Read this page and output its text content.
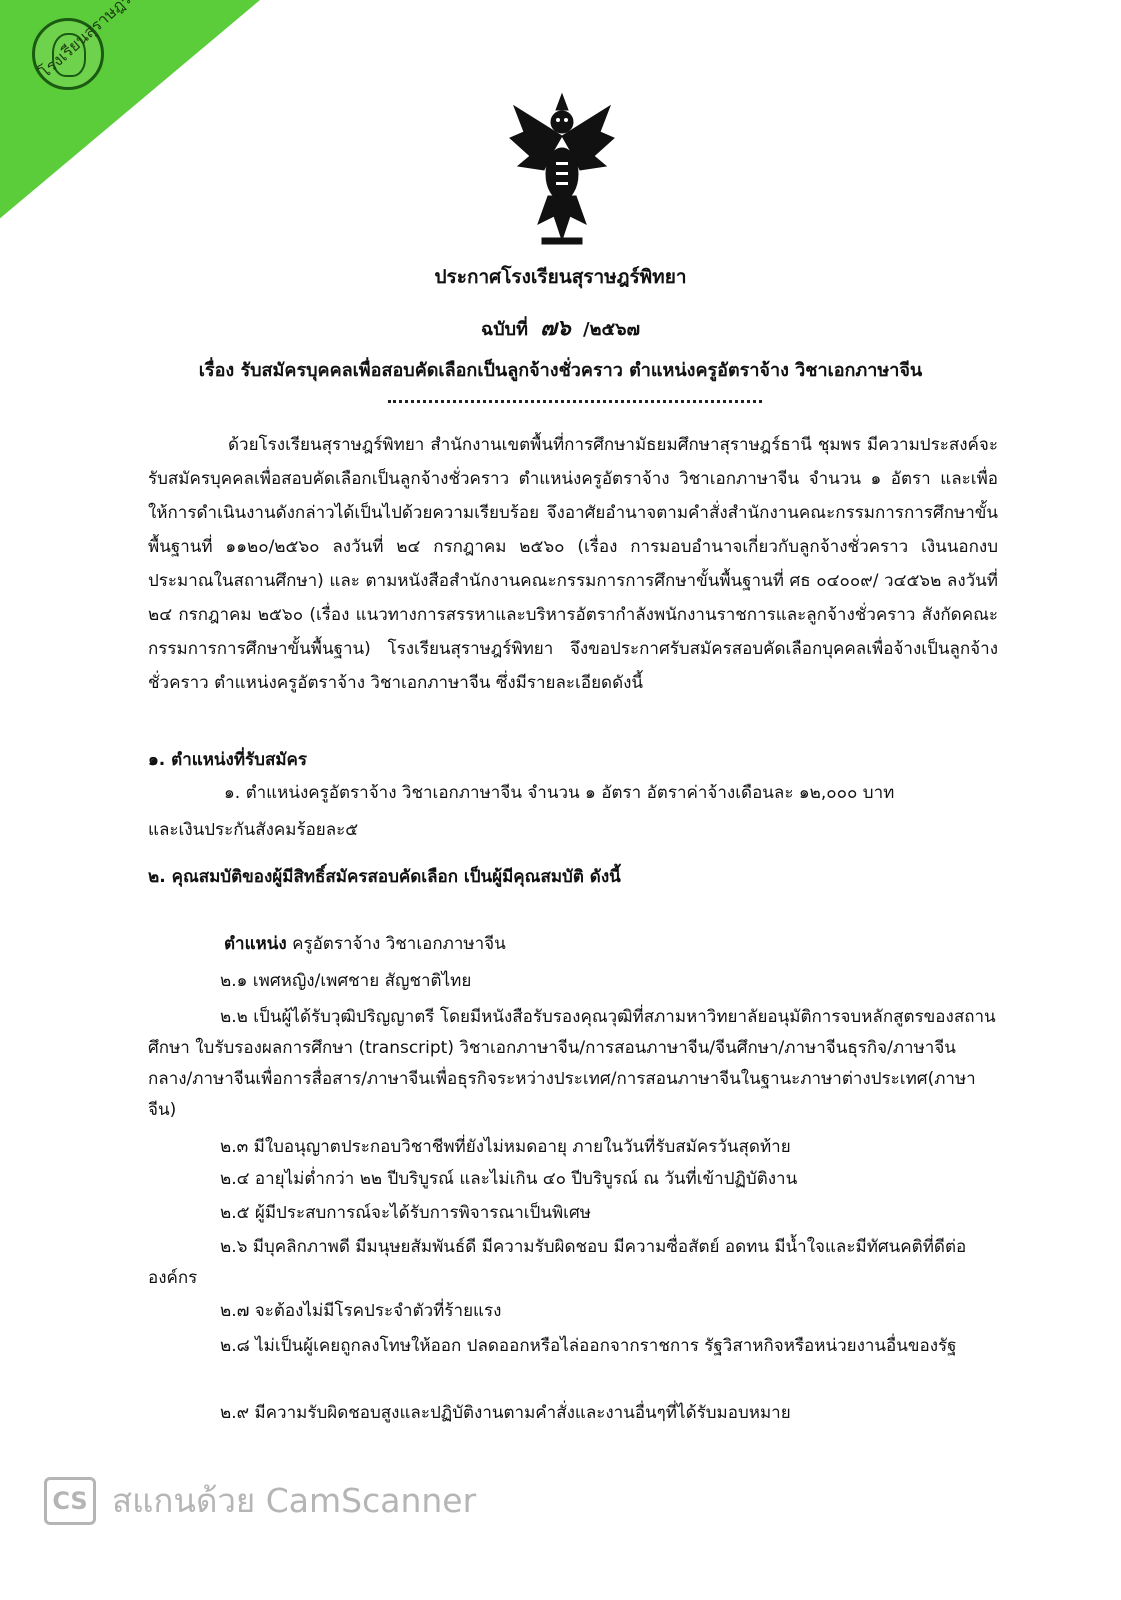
ประกาศโรงเรียนสุราษฎร์พิทยา
ฉบับที่ ๗๖ /๒๕๖๗
เรื่อง รับสมัครบุคคลเพื่อสอบคัดเลือกเป็นลูกจ้างชั่วคราว ตำแหน่งครูอัตราจ้าง วิชาเอกภาษาจีน
ด้วยโรงเรียนสุราษฎร์พิทยา สำนักงานเขตพื้นที่การศึกษามัธยมศึกษาสุราษฎร์ธานี ชุมพร มีความประสงค์จะรับสมัครบุคคลเพื่อสอบคัดเลือกเป็นลูกจ้างชั่วคราว ตำแหน่งครูอัตราจ้าง วิชาเอกภาษาจีน จำนวน ๑ อัตรา และเพื่อให้การดำเนินงานดังกล่าวได้เป็นไปด้วยความเรียบร้อย จึงอาศัยอำนาจตามคำสั่งสำนักงานคณะกรรมการการศึกษาขั้นพื้นฐานที่ ๑๑๒๐/๒๕๖๐ ลงวันที่ ๒๔ กรกฎาคม ๒๕๖๐ (เรื่อง การมอบอำนาจเกี่ยวกับลูกจ้างชั่วคราว เงินนอกงบประมาณในสถานศึกษา) และ ตามหนังสือสำนักงานคณะกรรมการการศึกษาขั้นพื้นฐานที่ ศธ ๐๔๐๐๙/ ว๔๕๖๒ ลงวันที่ ๒๔ กรกฎาคม ๒๕๖๐ (เรื่อง แนวทางการสรรหาและบริหารอัตรากำลังพนักงานราชการและลูกจ้างชั่วคราว สังกัดคณะกรรมการการศึกษาขั้นพื้นฐาน) โรงเรียนสุราษฎร์พิทยา จึงขอประกาศรับสมัครสอบคัดเลือกบุคคลเพื่อจ้างเป็นลูกจ้างชั่วคราว ตำแหน่งครูอัตราจ้าง วิชาเอกภาษาจีน ซึ่งมีรายละเอียดดังนี้
๑. ตำแหน่งที่รับสมัคร
๑. ตำแหน่งครูอัตราจ้าง วิชาเอกภาษาจีน จำนวน ๑ อัตรา อัตราค่าจ้างเดือนละ ๑๒,๐๐๐ บาท
และเงินประกันสังคมร้อยละ๕
๒. คุณสมบัติของผู้มีสิทธิ์สมัครสอบคัดเลือก เป็นผู้มีคุณสมบัติ ดังนี้
ตำแหน่ง ครูอัตราจ้าง วิชาเอกภาษาจีน
๒.๑ เพศหญิง/เพศชาย สัญชาติไทย
๒.๒ เป็นผู้ได้รับวุฒิปริญญาตรี โดยมีหนังสือรับรองคุณวุฒิที่สภามหาวิทยาลัยอนุมัติการจบหลักสูตรของสถานศึกษา ใบรับรองผลการศึกษา (transcript) วิชาเอกภาษาจีน/การสอนภาษาจีน/จีนศึกษา/ภาษาจีนธุรกิจ/ภาษาจีนกลาง/ภาษาจีนเพื่อการสื่อสาร/ภาษาจีนเพื่อธุรกิจระหว่างประเทศ/การสอนภาษาจีนในฐานะภาษาต่างประเทศ(ภาษาจีน)
๒.๓ มีใบอนุญาตประกอบวิชาชีพที่ยังไม่หมดอายุ ภายในวันที่รับสมัครวันสุดท้าย
๒.๔ อายุไม่ต่ำกว่า ๒๒ ปีบริบูรณ์ และไม่เกิน ๔๐ ปีบริบูรณ์ ณ วันที่เข้าปฏิบัติงาน
๒.๕ ผู้มีประสบการณ์จะได้รับการพิจารณาเป็นพิเศษ
๒.๖ มีบุคลิกภาพดี มีมนุษยสัมพันธ์ดี มีความรับผิดชอบ มีความซื่อสัตย์ อดทน มีน้ำใจและมีทัศนคติที่ดีต่อองค์กร
๒.๗ จะต้องไม่มีโรคประจำตัวที่ร้ายแรง
๒.๘ ไม่เป็นผู้เคยถูกลงโทษให้ออก ปลดออกหรือไล่ออกจากราชการ รัฐวิสาหกิจหรือหน่วยงานอื่นของรัฐ
๒.๙ มีความรับผิดชอบสูงและปฏิบัติงานตามคำสั่งและงานอื่นๆที่ได้รับมอบหมาย
CS สแกนด้วย CamScanner
